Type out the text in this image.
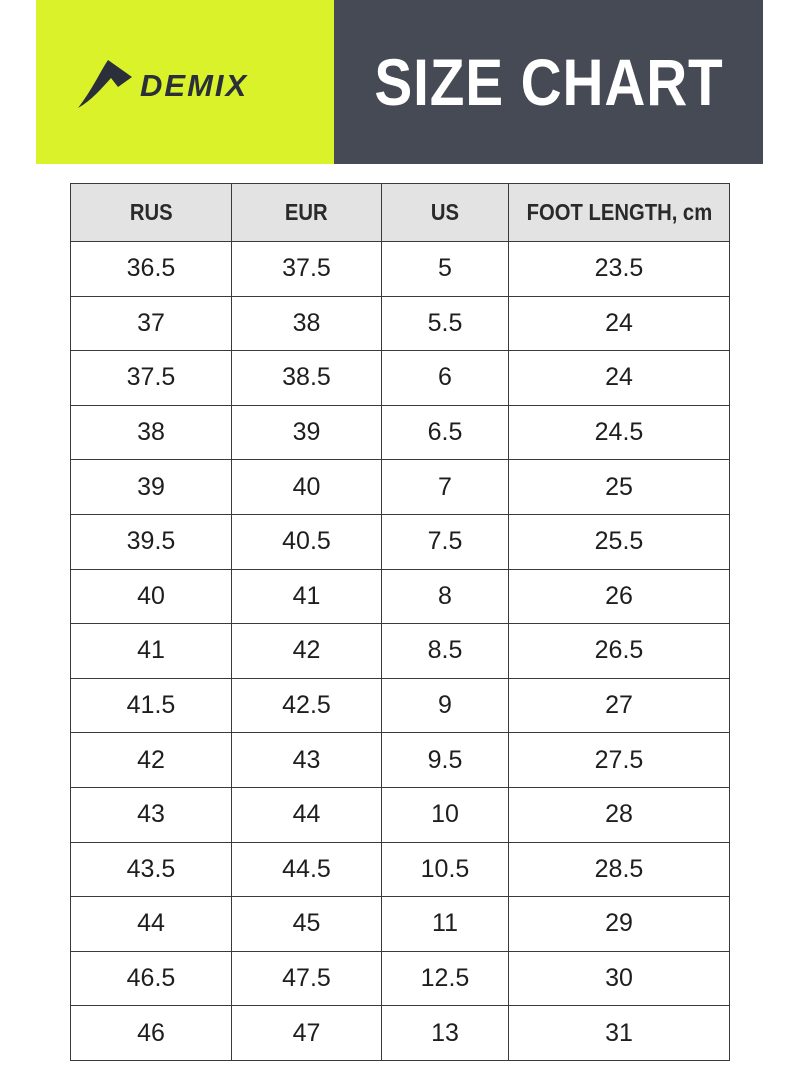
DEMIX SIZE CHART
RUS	EUR	US	FOOT LENGTH, cm
36.5	37.5	5	23.5
37	38	5.5	24
37.5	38.5	6	24
38	39	6.5	24.5
39	40	7	25
39.5	40.5	7.5	25.5
40	41	8	26
41	42	8.5	26.5
41.5	42.5	9	27
42	43	9.5	27.5
43	44	10	28
43.5	44.5	10.5	28.5
44	45	11	29
46.5	47.5	12.5	30
46	47	13	31
